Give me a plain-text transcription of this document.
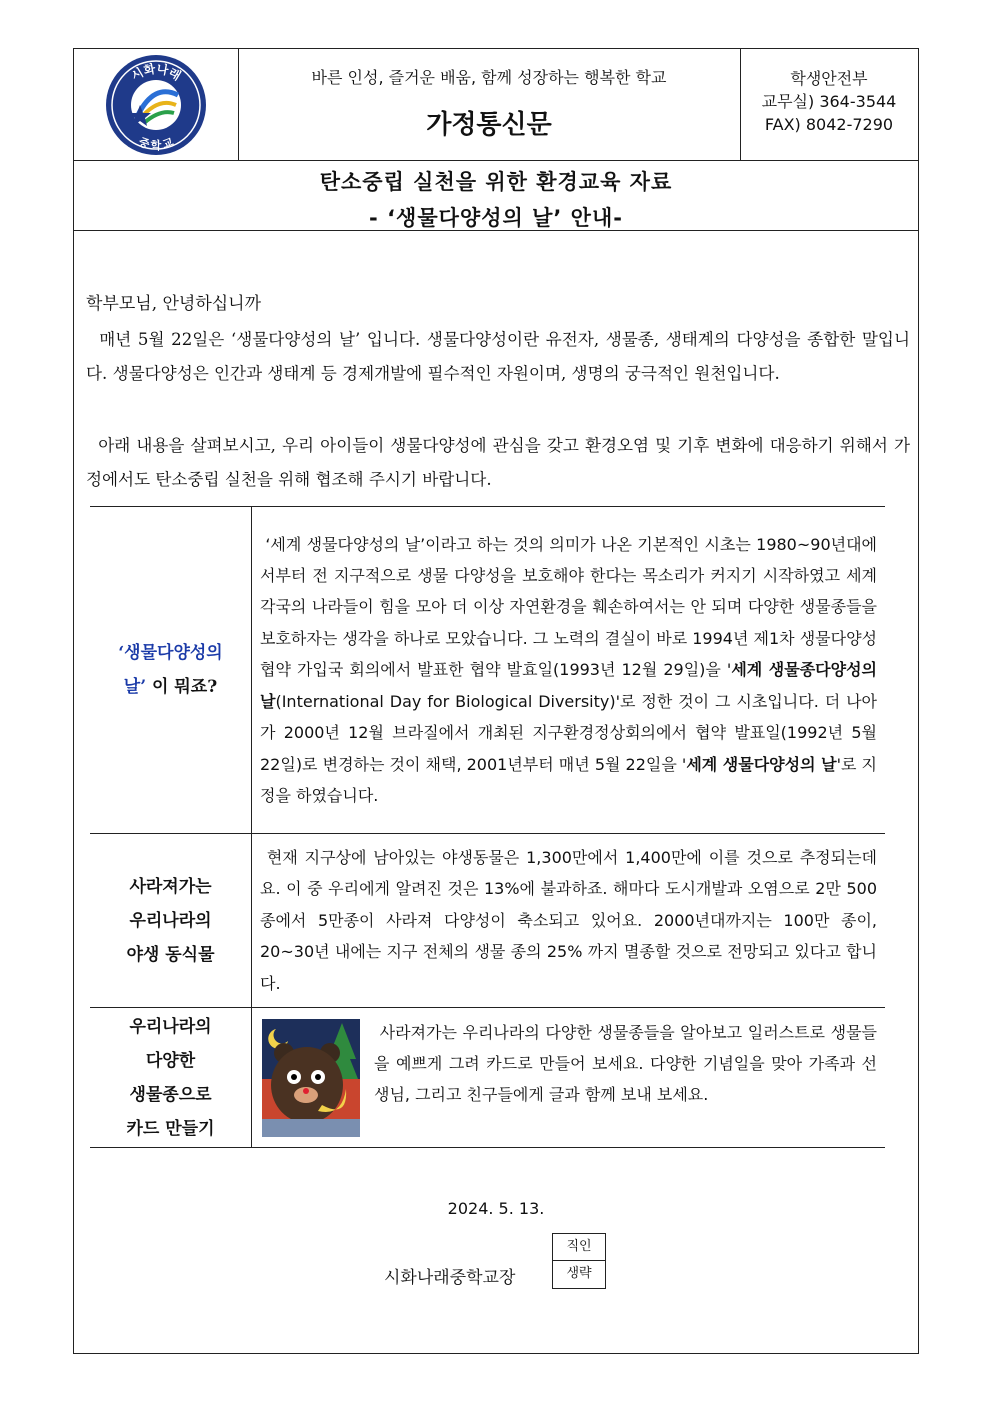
시화나래
중학교
바른 인성, 즐거운 배움, 함께 성장하는 행복한 학교
가정통신문
학생안전부
교무실) 364-3544
FAX) 8042-7290
탄소중립 실천을 위한 환경교육 자료
- ‘생물다양성의 날’ 안내-
학부모님, 안녕하십니까
매년 5월 22일은 ‘생물다양성의 날’ 입니다. 생물다양성이란 유전자, 생물종, 생태계의 다양성을 종합한 말입니다. 생물다양성은 인간과 생태계 등 경제개발에 필수적인 자원이며, 생명의 궁극적인 원천입니다.
아래 내용을 살펴보시고, 우리 아이들이 생물다양성에 관심을 갖고 환경오염 및 기후 변화에 대응하기 위해서 가정에서도 탄소중립 실천을 위해 협조해 주시기 바랍니다.
‘생물다양성의
날’ 이 뭐죠?	‘세계 생물다양성의 날’이라고 하는 것의 의미가 나온 기본적인 시초는 1980~90년대에서부터 전 지구적으로 생물 다양성을 보호해야 한다는 목소리가 커지기 시작하였고 세계 각국의 나라들이 힘을 모아 더 이상 자연환경을 훼손하여서는 안 되며 다양한 생물종들을 보호하자는 생각을 하나로 모았습니다. 그 노력의 결실이 바로 1994년 제1차 생물다양성 협약 가입국 회의에서 발표한 협약 발효일(1993년 12월 29일)을 '세계 생물종다양성의 날(International Day for Biological Diversity)'로 정한 것이 그 시초입니다. 더 나아가 2000년 12월 브라질에서 개최된 지구환경정상회의에서 협약 발표일(1992년 5월 22일)로 변경하는 것이 채택, 2001년부터 매년 5월 22일을 '세계 생물다양성의 날'로 지정을 하였습니다.

사라져가는
우리나라의
야생 동식물	현재 지구상에 남아있는 야생동물은 1,300만에서 1,400만에 이를 것으로 추정되는데요. 이 중 우리에게 알려진 것은 13%에 불과하죠. 해마다 도시개발과 오염으로 2만 500종에서 5만종이 사라져 다양성이 축소되고 있어요. 2000년대까지는 100만 종이, 20~30년 내에는 지구 전체의 생물 종의 25% 까지 멸종할 것으로 전망되고 있다고 합니다.

우리나라의
다양한
생물종으로
카드 만들기	사라져가는 우리나라의 다양한 생물종들을 알아보고 일러스트로 생물들을 예쁘게 그려 카드로 만들어 보세요. 다양한 기념일을 맞아 가족과 선생님, 그리고 친구들에게 글과 함께 보내 보세요.
2024. 5. 13.
시화나래중학교장
직인
생략
